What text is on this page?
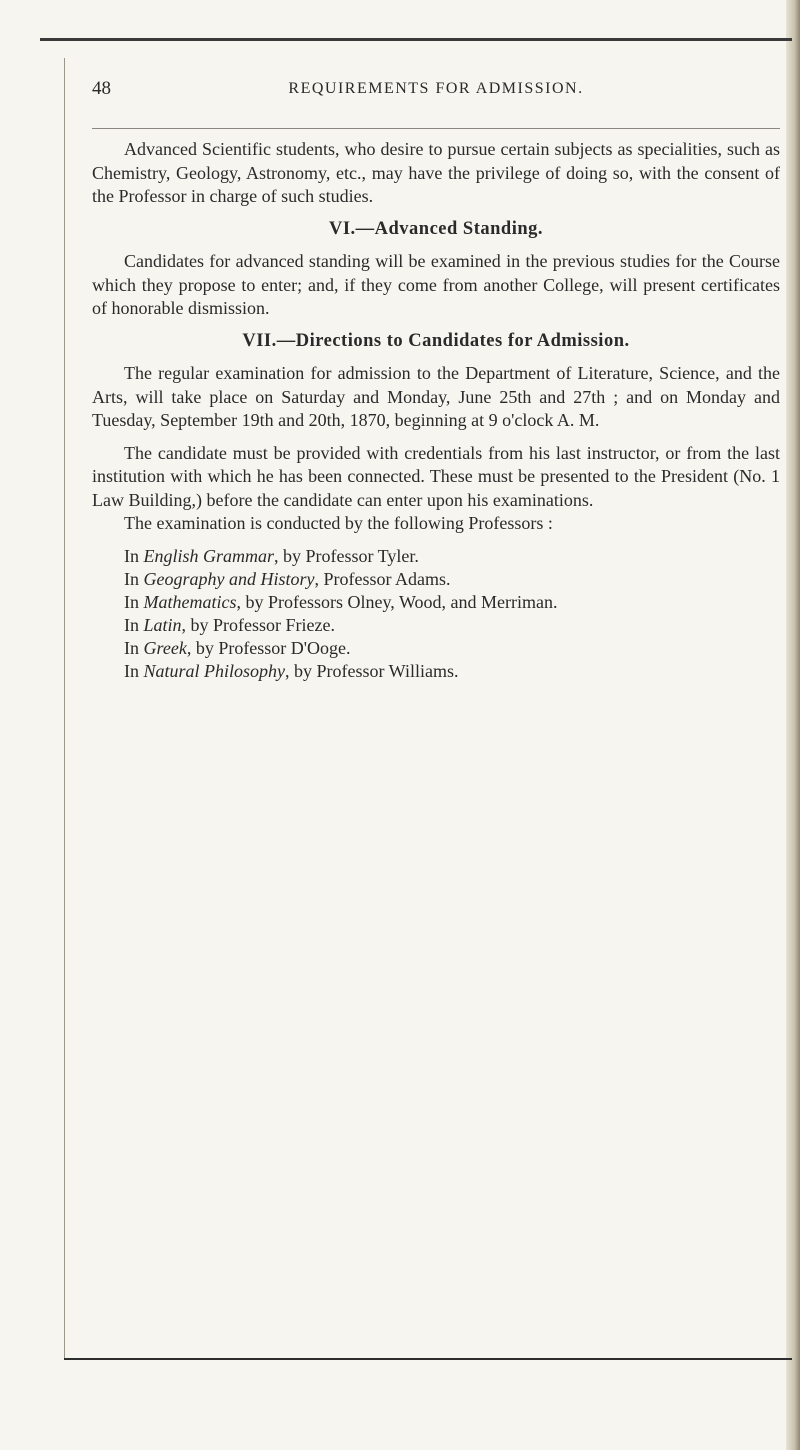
48	REQUIREMENTS FOR ADMISSION.

Advanced Scientific students, who desire to pursue certain subjects as specialities, such as Chemistry, Geology, Astronomy, etc., may have the privilege of doing so, with the consent of the Professor in charge of such studies.

VI.—Advanced Standing.

Candidates for advanced standing will be examined in the previous studies for the Course which they propose to enter; and, if they come from another College, will present certificates of honorable dismission.

VII.—Directions to Candidates for Admission.

The regular examination for admission to the Department of Literature, Science, and the Arts, will take place on Saturday and Monday, June 25th and 27th ; and on Monday and Tuesday, September 19th and 20th, 1870, beginning at 9 o'clock A. M.

The candidate must be provided with credentials from his last instructor, or from the last institution with which he has been connected. These must be presented to the President (No. 1 Law Building,) before the candidate can enter upon his examinations.

The examination is conducted by the following Professors :

In English Grammar, by Professor Tyler.
In Geography and History, Professor Adams.
In Mathematics, by Professors Olney, Wood, and Merriman.
In Latin, by Professor Frieze.
In Greek, by Professor D'Ooge.
In Natural Philosophy, by Professor Williams.
